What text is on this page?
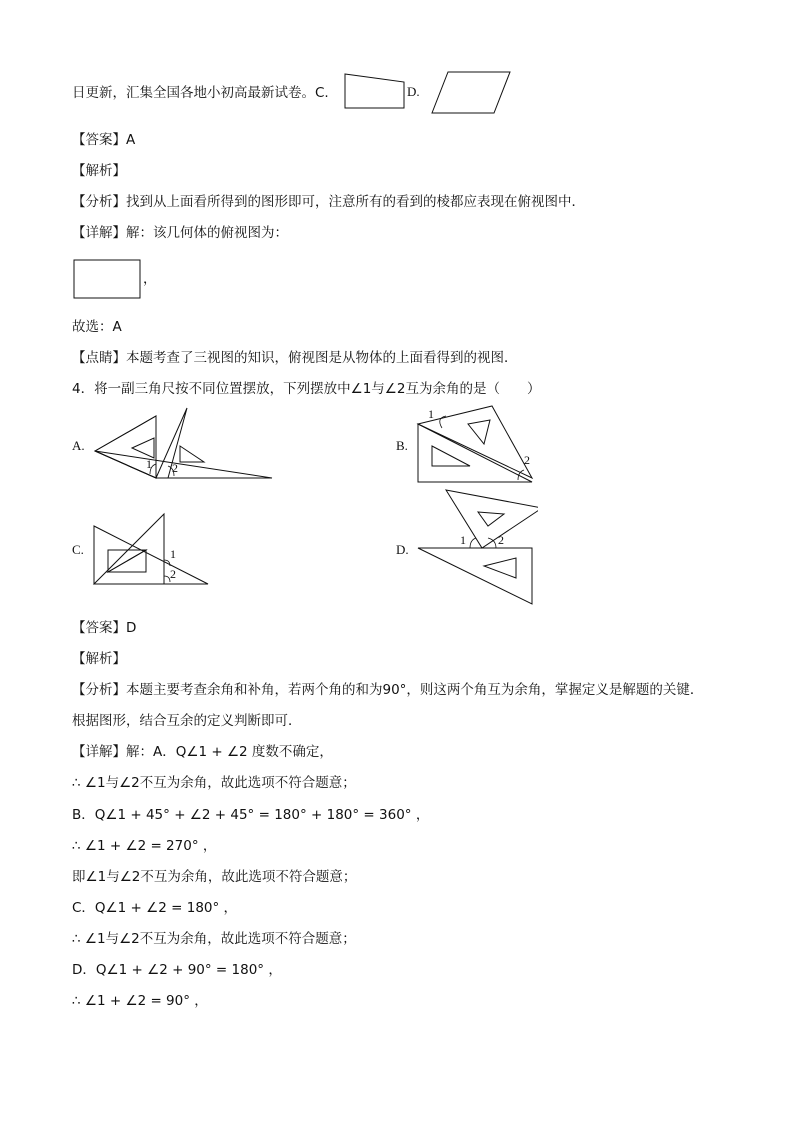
日更新，汇集全国各地小初高最新试卷。C.	D.
【答案】A
【解析】
【分析】找到从上面看所得到的图形即可，注意所有的看到的棱都应表现在俯视图中．
【详解】解：该几何体的俯视图为：
，
故选：A
【点睛】本题考查了三视图的知识，俯视图是从物体的上面看得到的视图．
4．将一副三角尺按不同位置摆放，下列摆放中∠1与∠2互为余角的是（　　）
A.
1 2
B.
1
2
C.	1
2
D.
1	2
【答案】D
【解析】
【分析】本题主要考查余角和补角，若两个角的和为90°，则这两个角互为余角，掌握定义是解题的关键．
根据图形，结合互余的定义判断即可．
【详解】解：A．Q∠1 + ∠2 度数不确定，
∴ ∠1与∠2不互为余角，故此选项不符合题意；
B．Q∠1 + 45° + ∠2 + 45° = 180° + 180° = 360° ，
∴ ∠1 + ∠2 = 270° ，
即∠1与∠2不互为余角，故此选项不符合题意；
C．Q∠1 + ∠2 = 180° ，
∴ ∠1与∠2不互为余角，故此选项不符合题意；
D．Q∠1 + ∠2 + 90° = 180° ，
∴ ∠1 + ∠2 = 90° ，
